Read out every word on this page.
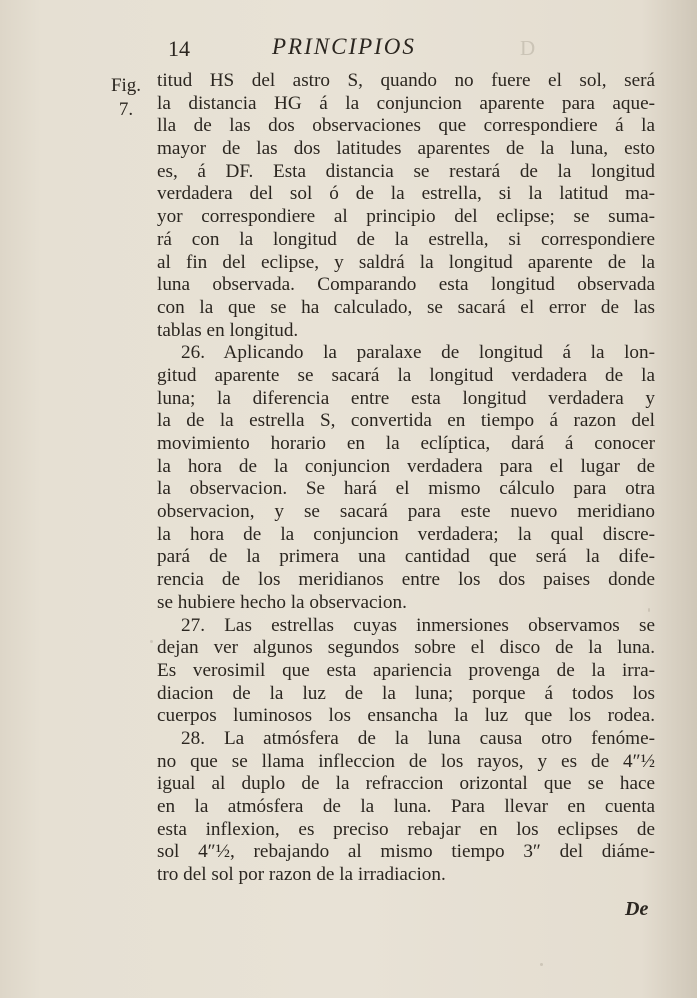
14	PRINCIPIOS	D
Fig.
7.
titud HS del astro S, quando no fuere el sol, será
la distancia HG á la conjuncion aparente para aque-
lla de las dos observaciones que correspondiere á la
mayor de las dos latitudes aparentes de la luna, esto
es, á DF. Esta distancia se restará de la longitud
verdadera del sol ó de la estrella, si la latitud ma-
yor correspondiere al principio del eclipse; se suma-
rá con la longitud de la estrella, si correspondiere
al fin del eclipse, y saldrá la longitud aparente de la
luna observada. Comparando esta longitud observada
con la que se ha calculado, se sacará el error de las
tablas en longitud.
26. Aplicando la paralaxe de longitud á la lon-
gitud aparente se sacará la longitud verdadera de la
luna; la diferencia entre esta longitud verdadera y
la de la estrella S, convertida en tiempo á razon del
movimiento horario en la eclíptica, dará á conocer
la hora de la conjuncion verdadera para el lugar de
la observacion. Se hará el mismo cálculo para otra
observacion, y se sacará para este nuevo meridiano
la hora de la conjuncion verdadera; la qual discre-
pará de la primera una cantidad que será la dife-
rencia de los meridianos entre los dos paises donde
se hubiere hecho la observacion.
27. Las estrellas cuyas inmersiones observamos se
dejan ver algunos segundos sobre el disco de la luna.
Es verosimil que esta apariencia provenga de la irra-
diacion de la luz de la luna; porque á todos los
cuerpos luminosos los ensancha la luz que los rodea.
28. La atmósfera de la luna causa otro fenóme-
no que se llama infleccion de los rayos, y es de 4″½
igual al duplo de la refraccion orizontal que se hace
en la atmósfera de la luna. Para llevar en cuenta
esta inflexion, es preciso rebajar en los eclipses de
sol 4″½, rebajando al mismo tiempo 3″ del diáme-
tro del sol por razon de la irradiacion.
De
